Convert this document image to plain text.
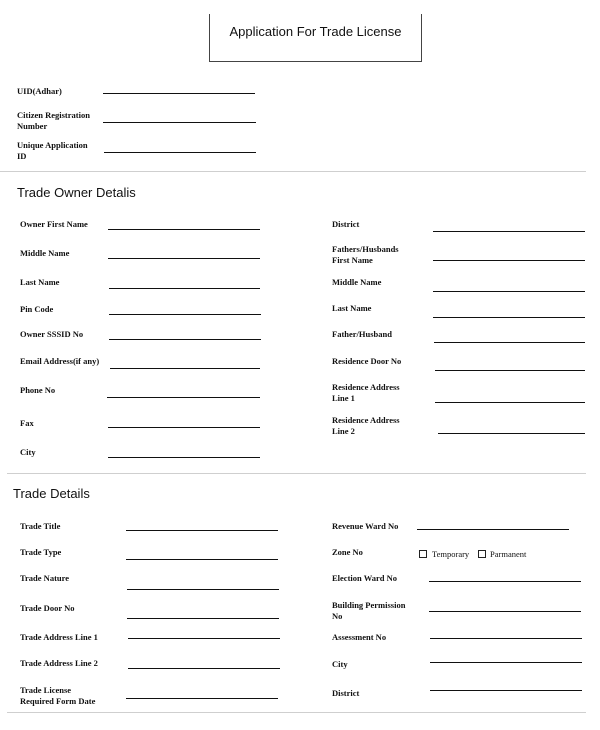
Application For Trade License
UID(Adhar)
Citizen Registration
Number
Unique Application
ID
Trade Owner Detalis
Owner First Name
Middle Name
Last Name
Pin Code
Owner SSSID No
Email Address(if any)
Phone No
Fax
City
District
Fathers/Husbands
First Name
Middle Name
Last Name
Father/Husband
Residence Door No
Residence Address
Line 1
Residence Address
Line 2
Trade Details
Trade Title
Trade Type
Trade Nature
Trade Door No
Trade Address Line 1
Trade Address Line 2
Trade License
Required Form Date
Revenue Ward No
Zone No	Temporary Parmanent
Election Ward No
Building Permission
No
Assessment No
City
District
